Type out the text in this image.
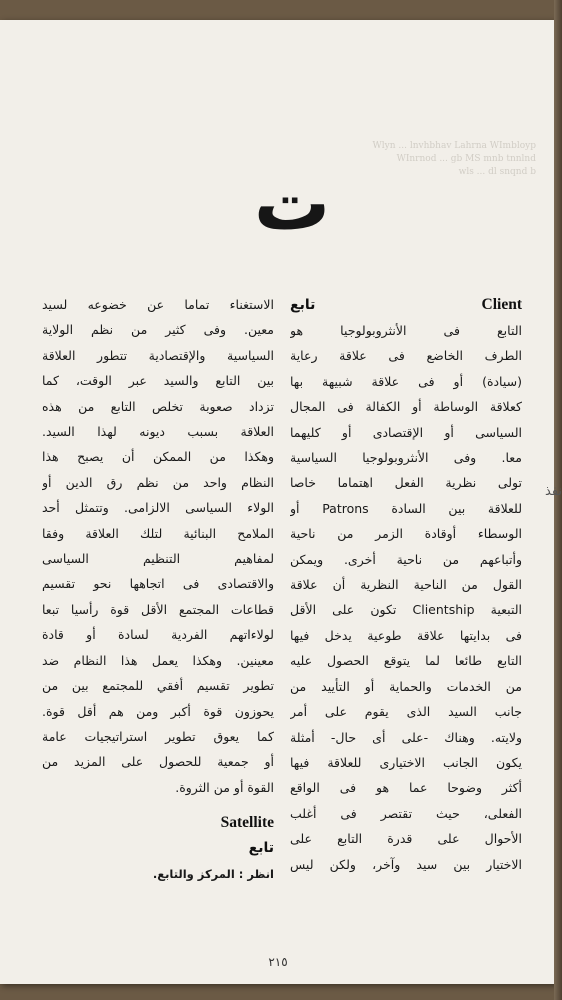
Wlyn ... lnvhbhav Lahrna WImbloyp
WInrnod ... gb MS mnb tnnlnd
wls ... dl snqnd b
ت
تابع	Client
التابع فى الأنثروبولوجيا هو
الطرف الخاضع فى علاقة رعاية
(سيادة) أو فى علاقة شبيهة بها
كعلاقة الوساطة أو الكفالة فى المجال
السياسى أو الإقتصادى أو كليهما
معا. وفى الأنثروبولوجيا السياسية
تولى نظرية الفعل اهتماما خاصا
للعلاقة بين السادة Patrons أو
الوسطاء أوقادة الزمر من ناحية
وأتباعهم من ناحية أخرى. ويمكن
القول من الناحية النظرية أن علاقة
التبعية Clientship تكون على الأقل
فى بدايتها علاقة طوعية يدخل فيها
التابع طائعا لما يتوقع الحصول عليه
من الخدمات والحماية أو التأييد من
جانب السيد الذى يقوم على أمر
ولايته. وهناك -على أى حال- أمثلة
يكون الجانب الاختيارى للعلاقة فيها
أكثر وضوحا عما هو فى الواقع
الفعلى، حيث تقتصر فى أغلب
الأحوال على قدرة التابع على
الاختيار بين سيد وآخر، ولكن ليس
الاستغناء تماما عن خضوعه لسيد
معين. وفى كثير من نظم الولاية
السياسية والإقتصادية تتطور العلاقة
بين التابع والسيد عبر الوقت، كما
تزداد صعوبة تخلص التابع من هذه
العلاقة بسبب ديونه لهذا السيد.
وهكذا من الممكن أن يصبح هذا
النظام واحد من نظم رق الدين أو
الولاء السياسى الالزامى. وتتمثل أحد
الملامح البنائية لتلك العلاقة وفقا
لمفاهيم التنظيم السياسى
والاقتصادى فى اتجاهها نحو تقسيم
قطاعات المجتمع الأقل قوة رأسيا تبعا
لولاءاتهم الفردية لسادة أو قادة
معينين. وهكذا يعمل هذا النظام ضد
تطوير تقسيم أفقي للمجتمع بين من
يحوزون قوة أكبر ومن هم أقل قوة.
كما يعوق تطوير استراتيجيات عامة
أو جمعية للحصول على المزيد من
القوة أو من الثروة.
Satellite
تابع
انظر : المركز والتابع.
٢١٥
نفذ
